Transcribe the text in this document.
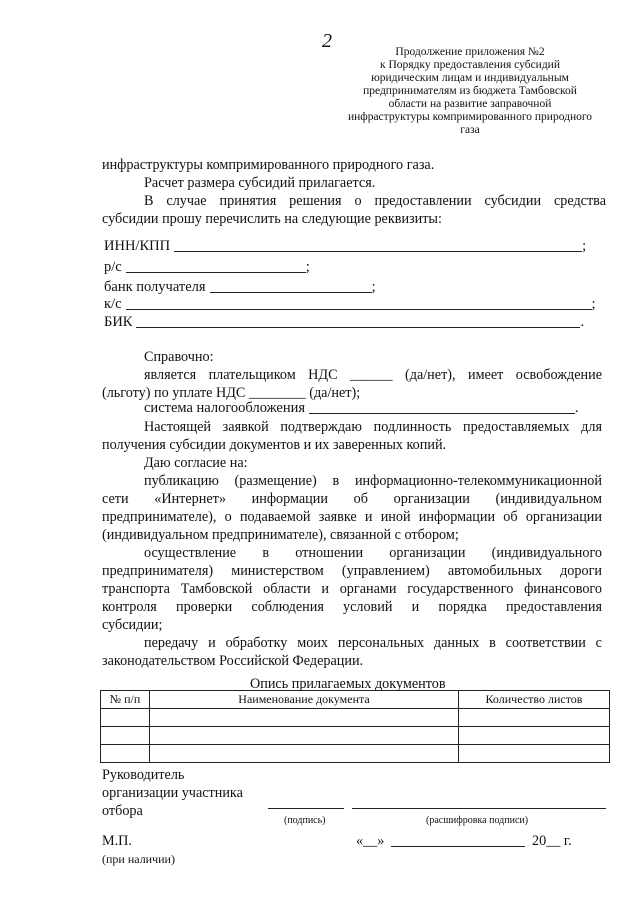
2	Продолжение приложения №2
к Порядку предоставления субсидий
юридическим лицам и индивидуальным
предпринимателям из бюджета Тамбовской
области на развитие заправочной
инфраструктуры компримированного природного
газа
инфраструктуры компримированного природного газа.
Расчет размера субсидий прилагается.
В случае принятия решения о предоставлении субсидии средства
субсидии прошу перечислить на следующие реквизиты:
ИНН/КПП	;
р/с	;
банк получателя	;
к/с	;
БИК	.
Справочно:
является плательщиком НДС ______ (да/нет), имеет освобождение
(льготу) по уплате НДС ________ (да/нет);
система налогообложения	.
Настоящей заявкой подтверждаю подлинность предоставляемых для
получения субсидии документов и их заверенных копий.
Даю согласие на:
публикацию (размещение) в информационно-телекоммуникационной
сети «Интернет» информации об организации (индивидуальном
предпринимателе), о подаваемой заявке и иной информации об организации
(индивидуальном предпринимателе), связанной с отбором;
осуществление в отношении организации (индивидуального
предпринимателя) министерством (управлением) автомобильных дороги
транспорта Тамбовской области и органами государственного финансового
контроля проверки соблюдения условий и порядка предоставления
субсидии;
передачу и обработку моих персональных данных в соответствии с
законодательством Российской Федерации.
Опись прилагаемых документов
№ п/п	Наименование документа	Количество листов

Руководитель
организации участника
отбора
(подпись)	(расшифровка подписи)
М.П.
(при наличии)
«__»	20__ г.
